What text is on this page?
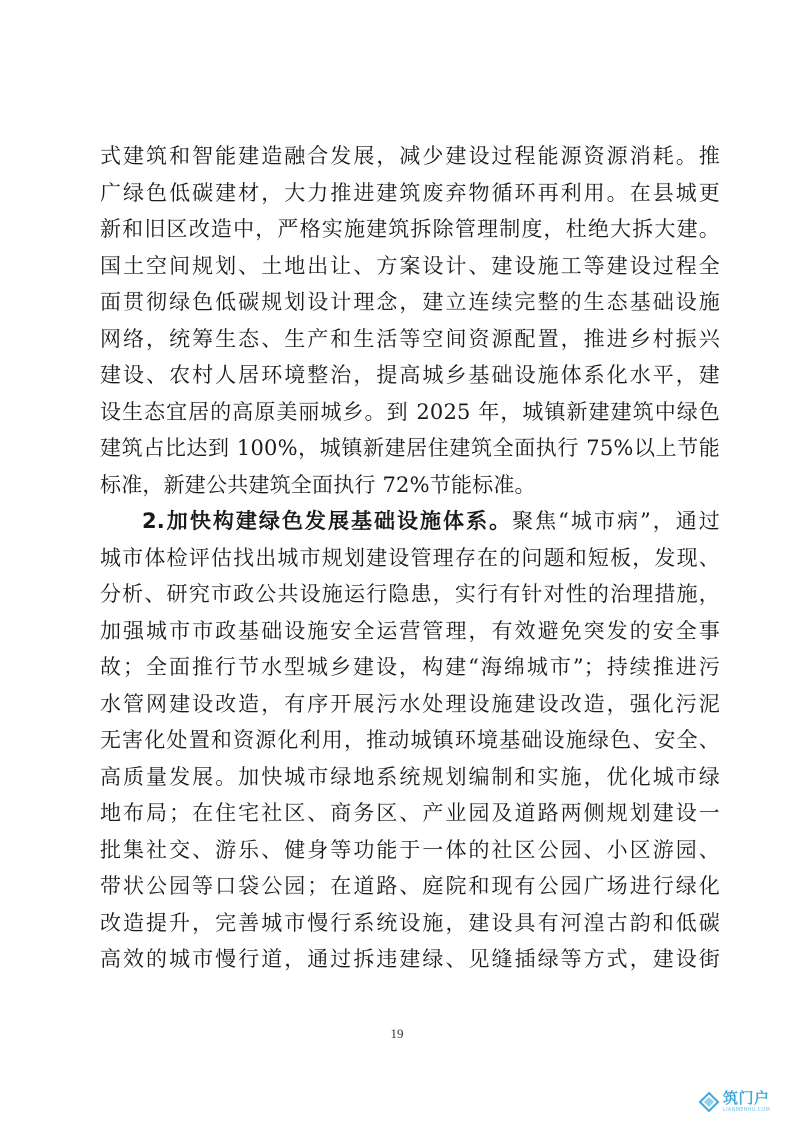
式建筑和智能建造融合发展，减少建设过程能源资源消耗。推
广绿色低碳建材，大力推进建筑废弃物循环再利用。在县城更
新和旧区改造中，严格实施建筑拆除管理制度，杜绝大拆大建。
国土空间规划、土地出让、方案设计、建设施工等建设过程全
面贯彻绿色低碳规划设计理念，建立连续完整的生态基础设施
网络，统筹生态、生产和生活等空间资源配置，推进乡村振兴
建设、农村人居环境整治，提高城乡基础设施体系化水平，建
设生态宜居的高原美丽城乡。到 2025 年，城镇新建建筑中绿色
建筑占比达到 100%，城镇新建居住建筑全面执行 75%以上节能
标准，新建公共建筑全面执行 72%节能标准。
2.加快构建绿色发展基础设施体系。聚焦“城市病”，通过
城市体检评估找出城市规划建设管理存在的问题和短板，发现、
分析、研究市政公共设施运行隐患，实行有针对性的治理措施，
加强城市市政基础设施安全运营管理，有效避免突发的安全事
故；全面推行节水型城乡建设，构建“海绵城市”；持续推进污
水管网建设改造，有序开展污水处理设施建设改造，强化污泥
无害化处置和资源化利用，推动城镇环境基础设施绿色、安全、
高质量发展。加快城市绿地系统规划编制和实施，优化城市绿
地布局；在住宅社区、商务区、产业园及道路两侧规划建设一
批集社交、游乐、健身等功能于一体的社区公园、小区游园、
带状公园等口袋公园；在道路、庭院和现有公园广场进行绿化
改造提升，完善城市慢行系统设施，建设具有河湟古韵和低碳
高效的城市慢行道，通过拆违建绿、见缝插绿等方式，建设街
19
筑门户
LIANMENHU.COM
